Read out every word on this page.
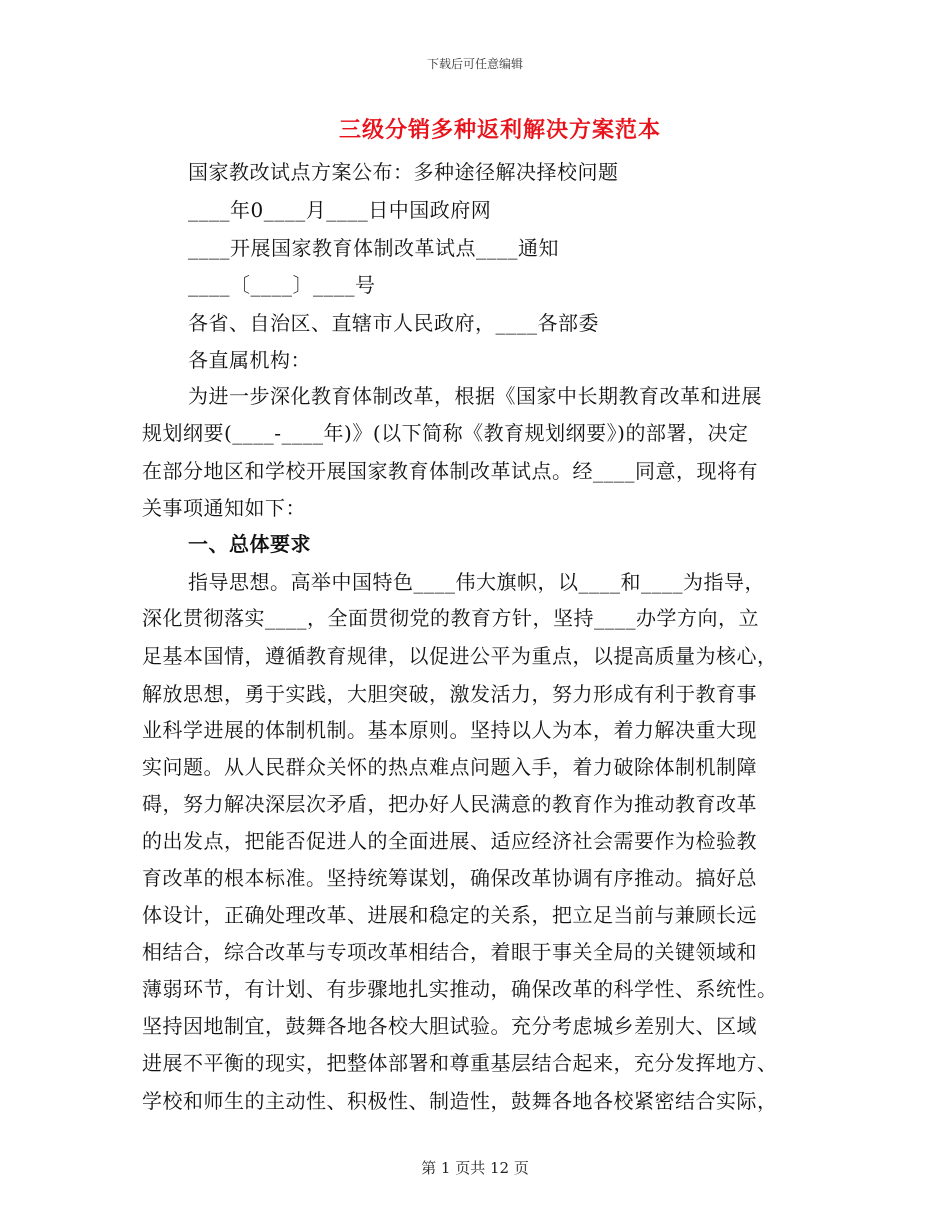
下载后可任意编辑
三级分销多种返利解决方案范本
国家教改试点方案公布：多种途径解决择校问题
____年0____月____日中国政府网
____开展国家教育体制改革试点____通知
____〔____〕____号
各省、自治区、直辖市人民政府，____各部委
各直属机构：
为进一步深化教育体制改革，根据《国家中长期教育改革和进展
规划纲要(____-____年)》(以下简称《教育规划纲要》)的部署，决定
在部分地区和学校开展国家教育体制改革试点。经____同意，现将有
关事项通知如下：
一、总体要求
指导思想。高举中国特色____伟大旗帜，以____和____为指导，
深化贯彻落实____，全面贯彻党的教育方针，坚持____办学方向，立
足基本国情，遵循教育规律，以促进公平为重点，以提高质量为核心，
解放思想，勇于实践，大胆突破，激发活力，努力形成有利于教育事
业科学进展的体制机制。基本原则。坚持以人为本，着力解决重大现
实问题。从人民群众关怀的热点难点问题入手，着力破除体制机制障
碍，努力解决深层次矛盾，把办好人民满意的教育作为推动教育改革
的出发点，把能否促进人的全面进展、适应经济社会需要作为检验教
育改革的根本标准。坚持统筹谋划，确保改革协调有序推动。搞好总
体设计，正确处理改革、进展和稳定的关系，把立足当前与兼顾长远
相结合，综合改革与专项改革相结合，着眼于事关全局的关键领域和
薄弱环节，有计划、有步骤地扎实推动，确保改革的科学性、系统性。
坚持因地制宜，鼓舞各地各校大胆试验。充分考虑城乡差别大、区域
进展不平衡的现实，把整体部署和尊重基层结合起来，充分发挥地方、
学校和师生的主动性、积极性、制造性，鼓舞各地各校紧密结合实际，
第 1 页共 12 页
